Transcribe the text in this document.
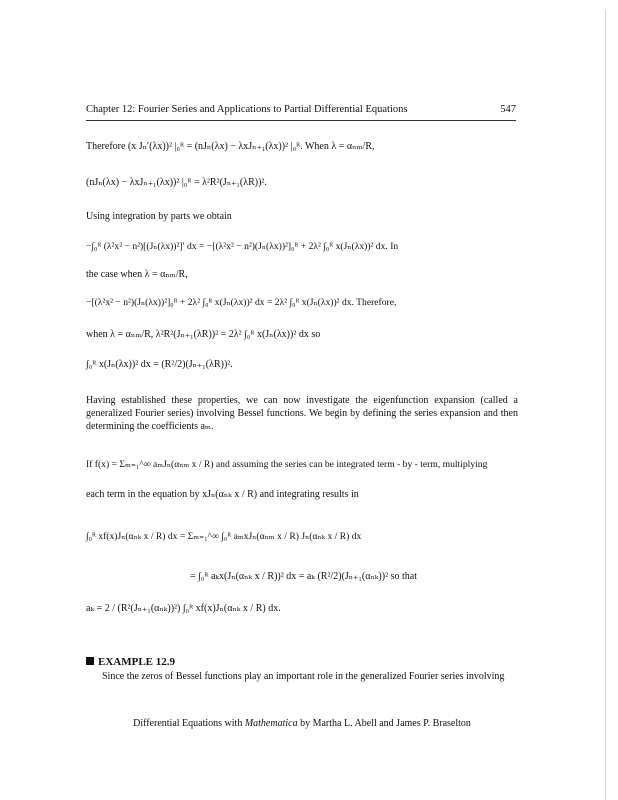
Chapter 12: Fourier Series and Applications to Partial Differential Equations	547
Therefore (x Jₙ′(λx))² |₀ᴿ = (nJₙ(λx) − λxJₙ₊₁(λx))² |₀ᴿ. When λ = αₙₘ/R,
(nJₙ(λx) − λxJₙ₊₁(λx))² |₀ᴿ = λ²R²(Jₙ₊₁(λR))².
Using integration by parts we obtain
−∫₀ᴿ (λ²x² − n²)[(Jₙ(λx))²]′ dx = −[(λ²x² − n²)(Jₙ(λx))²]₀ᴿ + 2λ² ∫₀ᴿ x(Jₙ(λx))² dx. In
the case when λ = αₙₘ/R,
−[(λ²x² − n²)(Jₙ(λx))²]₀ᴿ + 2λ² ∫₀ᴿ x(Jₙ(λx))² dx = 2λ² ∫₀ᴿ x(Jₙ(λx))² dx. Therefore,
when λ = αₙₘ/R, λ²R²(Jₙ₊₁(λR))² = 2λ² ∫₀ᴿ x(Jₙ(λx))² dx so
∫₀ᴿ x(Jₙ(λx))² dx = (R²/2)(Jₙ₊₁(λR))².
Having established these properties, we can now investigate the eigenfunction expansion (called a generalized Fourier series) involving Bessel functions. We begin by defining the series expansion and then determining the coefficients aₘ.
If f(x) = Σₘ₌₁^∞ aₘJₙ(αₙₘ x / R) and assuming the series can be integrated term - by - term, multiplying
each term in the equation by xJₙ(αₙₖ x / R) and integrating results in
∫₀ᴿ xf(x)Jₙ(αₙₖ x / R) dx = Σₘ₌₁^∞ ∫₀ᴿ aₘxJₙ(αₙₘ x / R) Jₙ(αₙₖ x / R) dx
= ∫₀ᴿ aₖx(Jₙ(αₙₖ x / R))² dx = aₖ (R²/2)(Jₙ₊₁(αₙₖ))² so that
aₖ = 2 / (R²(Jₙ₊₁(αₙₖ))²) ∫₀ᴿ xf(x)Jₙ(αₙₖ x / R) dx.
EXAMPLE 12.9
Since the zeros of Bessel functions play an important role in the generalized Fourier series involving
Differential Equations with Mathematica by Martha L. Abell and James P. Braselton
